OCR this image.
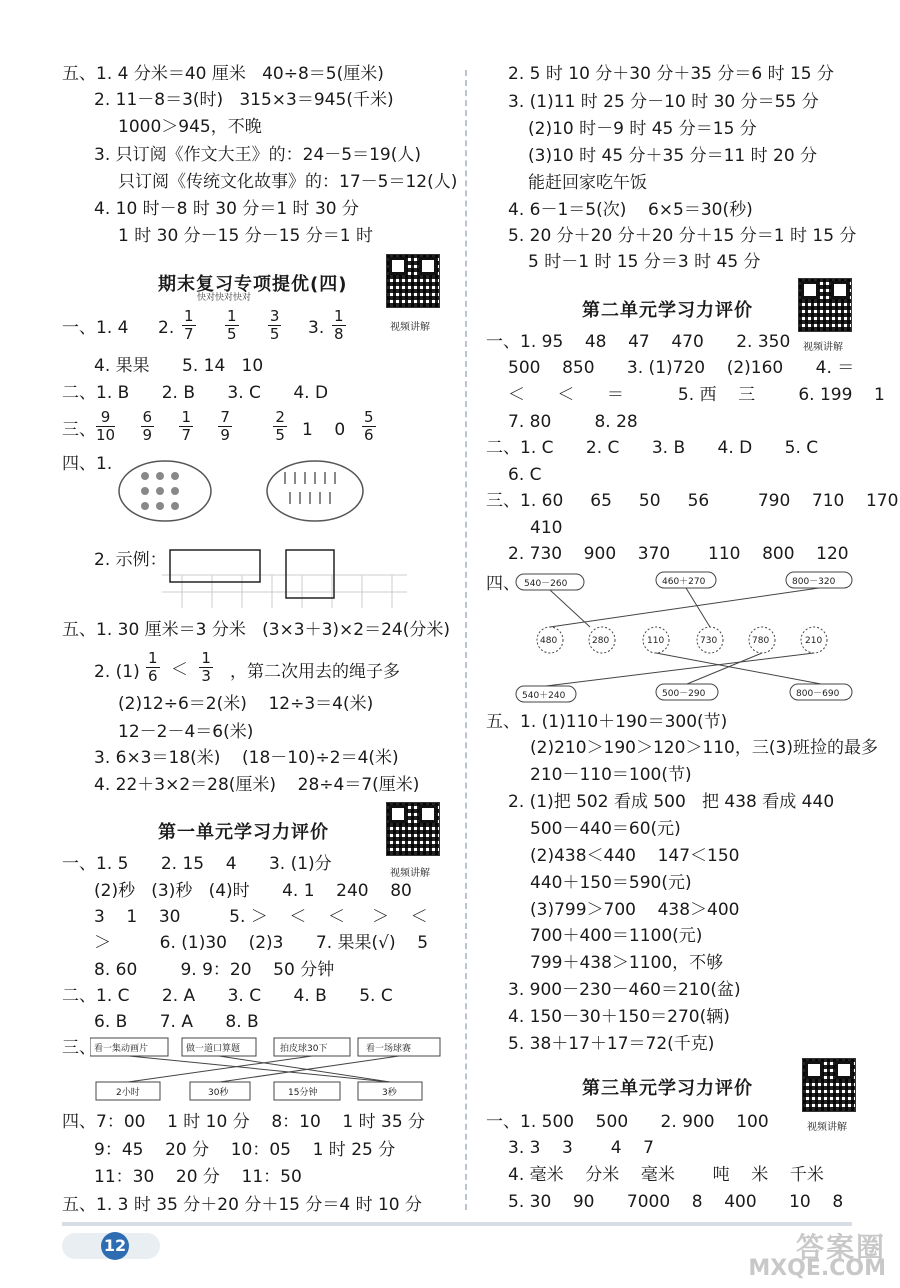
五、1. 4 分米＝40 厘米   40÷8＝5(厘米)
2. 11－8＝3(时)   315×3＝945(千米)
1000＞945，不晚
3. 只订阅《作文大王》的：24－5＝19(人)
只订阅《传统文化故事》的：17－5＝12(人)
4. 10 时－8 时 30 分＝1 时 30 分
1 时 30 分－15 分－15 分＝1 时
期末复习专项提优(四)
快对快对快对
视频讲解
一、1. 4 2. $\frac{1}{7}$
$\frac{1}{5}$
$\frac{3}{5} 3$. $\frac{1}{8}$
4. 果果      5. 14   10
二、1. B      2. B      3. C      4. D
三、 $\frac{9}{10}$
$\frac{6}{9}$
$\frac{1}{7}$
$\frac{7}{9}$
	$\frac{2}{5} 1$    $0 \frac{5}{6}$
四、1.
2. 示例：
五、1. 30 厘米＝3 分米   (3×3＋3)×2＝24(分米)
2. $(1) \frac{1}{6} < \frac{1}{3}$ ，第二次用去的绳子多
(2)12÷6＝2(米)    12÷3＝4(米)
12－2－4＝6(米)
3. 6×3＝18(米)    (18－10)÷2＝4(米)
4. 22＋3×2＝28(厘米)    28÷4＝7(厘米)
第一单元学习力评价
视频讲解
一、1. 5      2. 15    4      3. (1)分
(2)秒   (3)秒   (4)时      4. 1    240    80
3    1    30         5. ＞    ＜    ＜     ＞    ＜
＞         6. (1)30    (2)3      7. 果果(√)    5
8. 60        9. 9：20    50 分钟
二、1. C      2. A      3. C      4. B      5. C
6. B      7. A      8. B
三、
看一集动画片	做一道口算题	拍皮球30下	看一场球赛
2小时	30秒	15分钟	3秒
四、7：00    1 时 10 分    8：10    1 时 35 分
9：45    20 分    10：05    1 时 25 分
11：30    20 分    11：50
五、1. 3 时 35 分＋20 分＋15 分＝4 时 10 分
2. 5 时 10 分＋30 分＋35 分＝6 时 15 分
3. (1)11 时 25 分－10 时 30 分＝55 分
(2)10 时－9 时 45 分＝15 分
(3)10 时 45 分＋35 分＝11 时 20 分
能赶回家吃午饭
4. 6－1＝5(次)    6×5＝30(秒)
5. 20 分＋20 分＋20 分＋15 分＝1 时 15 分
5 时－1 时 15 分＝3 时 45 分
第二单元学习力评价
视频讲解
一、1. 95    48    47    470      2. 350
500    850      3. (1)720    (2)160      4. ＝
＜      ＜      ＝          5. 西    三        6. 199    1
7. 80        8. 28
二、1. C      2. C      3. B      4. D      5. C
6. C
三、1. 60     65     50     56         790    710    170
410
2. 730    900    370       110    800    120
四、 540－260	460＋270	800－320
480	280	110	730	780	210
540＋240	500－290	800－690
五、1. (1)110＋190＝300(节)
(2)210＞190＞120＞110，三(3)班捡的最多
210－110＝100(节)
2. (1)把 502 看成 500   把 438 看成 440
500－440＝60(元)
(2)438＜440    147＜150
440＋150＝590(元)
(3)799＞700    438＞400
700＋400＝1100(元)
799＋438＞1100，不够
3. 900－230－460＝210(盆)
4. 150－30＋150＝270(辆)
5. 38＋17＋17＝72(千克)
第三单元学习力评价
视频讲解
一、1. 500    500      2. 900    100
3. 3    3       4    7
4. 毫米    分米    毫米       吨    米    千米
5. 30    90      7000    8    400      10    8
12	答案圈
MXQE.COM
